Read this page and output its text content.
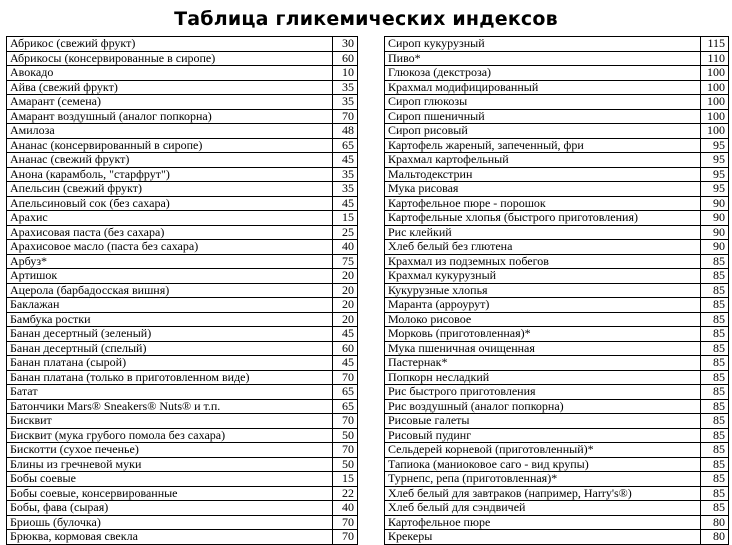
Таблица гликемических индексов
Абрикос (свежий фрукт)	30
Абрикосы (консервированные в сиропе)	60
Авокадо	10
Айва (свежий фрукт)	35
Амарант (семена)	35
Амарант воздушный (аналог попкорна)	70
Амилоза	48
Ананас (консервированный в сиропе)	65
Ананас (свежий фрукт)	45
Анона (карамболь, "старфрут")	35
Апельсин (свежий фрукт)	35
Апельсиновый сок (без сахара)	45
Арахис	15
Арахисовая паста (без сахара)	25
Арахисовое масло (паста без сахара)	40
Арбуз*	75
Артишок	20
Ацерола (барбадосская вишня)	20
Баклажан	20
Бамбука ростки	20
Банан десертный (зеленый)	45
Банан десертный (спелый)	60
Банан платана (сырой)	45
Банан платана (только в приготовленном виде)	70
Батат	65
Батончики Mars® Sneakers® Nuts® и т.п.	65
Бисквит	70
Бисквит (мука грубого помола без сахара)	50
Бискотти (сухое печенье)	70
Блины из гречневой муки	50
Бобы соевые	15
Бобы соевые, консервированные	22
Бобы, фава (сырая)	40
Бриошь (булочка)	70
Брюква, кормовая свекла	70
Сироп кукурузный	115
Пиво*	110
Глюкоза (декстроза)	100
Крахмал модифицированный	100
Сироп глюкозы	100
Сироп пшеничный	100
Сироп рисовый	100
Картофель жареный, запеченный, фри	95
Крахмал картофельный	95
Мальтодекстрин	95
Мука рисовая	95
Картофельное пюре - порошок	90
Картофельные хлопья (быстрого приготовления)	90
Рис клейкий	90
Хлеб белый без глютена	90
Крахмал из подземных побегов	85
Крахмал кукурузный	85
Кукурузные хлопья	85
Маранта (арроурут)	85
Молоко рисовое	85
Морковь (приготовленная)*	85
Мука пшеничная очищенная	85
Пастернак*	85
Попкорн несладкий	85
Рис быстрого приготовления	85
Рис воздушный (аналог попкорна)	85
Рисовые галеты	85
Рисовый пудинг	85
Сельдерей корневой (приготовленный)*	85
Тапиока (маниоковое саго - вид крупы)	85
Турнепс, репа (приготовленная)*	85
Хлеб белый для завтраков (например, Harry's®)	85
Хлеб белый для сэндвичей	85
Картофельное пюре	80
Крекеры	80
